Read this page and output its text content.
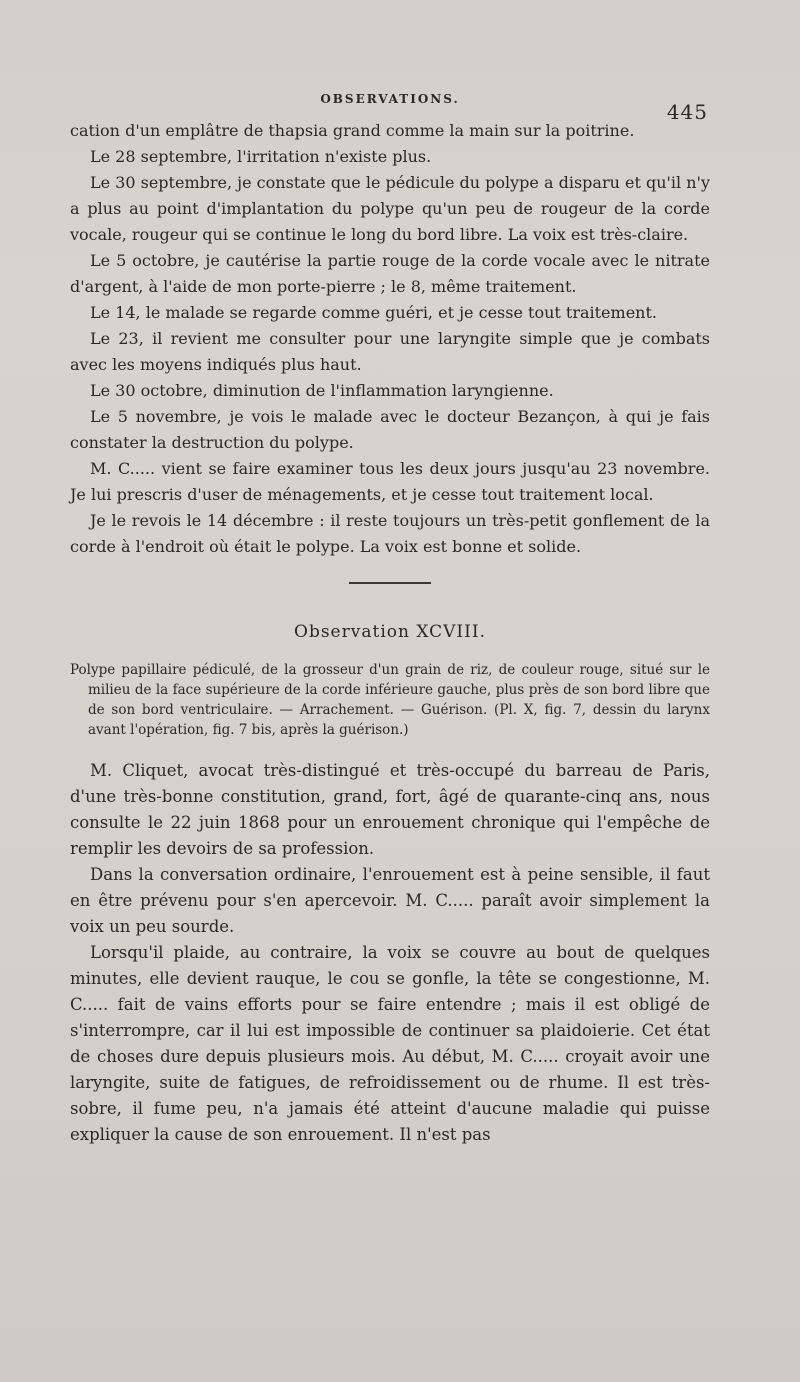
OBSERVATIONS.
445

cation d'un emplâtre de thapsia grand comme la main sur la poitrine.

Le 28 septembre, l'irritation n'existe plus.

Le 30 septembre, je constate que le pédicule du polype a disparu et qu'il n'y a plus au point d'implantation du polype qu'un peu de rougeur de la corde vocale, rougeur qui se continue le long du bord libre. La voix est très-claire.

Le 5 octobre, je cautérise la partie rouge de la corde vocale avec le nitrate d'argent, à l'aide de mon porte-pierre ; le 8, même traitement.

Le 14, le malade se regarde comme guéri, et je cesse tout traitement.

Le 23, il revient me consulter pour une laryngite simple que je combats avec les moyens indiqués plus haut.

Le 30 octobre, diminution de l'inflammation laryngienne.

Le 5 novembre, je vois le malade avec le docteur Bezançon, à qui je fais constater la destruction du polype.

M. C..... vient se faire examiner tous les deux jours jusqu'au 23 novembre. Je lui prescris d'user de ménagements, et je cesse tout traitement local.

Je le revois le 14 décembre : il reste toujours un très-petit gonflement de la corde à l'endroit où était le polype. La voix est bonne et solide.

Observation XCVIII.

Polype papillaire pédiculé, de la grosseur d'un grain de riz, de couleur rouge, situé sur le milieu de la face supérieure de la corde inférieure gauche, plus près de son bord libre que de son bord ventriculaire. — Arrachement. — Guérison. (Pl. X, fig. 7, dessin du larynx avant l'opération, fig. 7 bis, après la guérison.)

M. Cliquet, avocat très-distingué et très-occupé du barreau de Paris, d'une très-bonne constitution, grand, fort, âgé de quarante-cinq ans, nous consulte le 22 juin 1868 pour un enrouement chronique qui l'empêche de remplir les devoirs de sa profession.

Dans la conversation ordinaire, l'enrouement est à peine sensible, il faut en être prévenu pour s'en apercevoir. M. C..... paraît avoir simplement la voix un peu sourde.

Lorsqu'il plaide, au contraire, la voix se couvre au bout de quelques minutes, elle devient rauque, le cou se gonfle, la tête se congestionne, M. C..... fait de vains efforts pour se faire entendre ; mais il est obligé de s'interrompre, car il lui est impossible de continuer sa plaidoierie. Cet état de choses dure depuis plusieurs mois. Au début, M. C..... croyait avoir une laryngite, suite de fatigues, de refroidissement ou de rhume. Il est très-sobre, il fume peu, n'a jamais été atteint d'aucune maladie qui puisse expliquer la cause de son enrouement. Il n'est pas
